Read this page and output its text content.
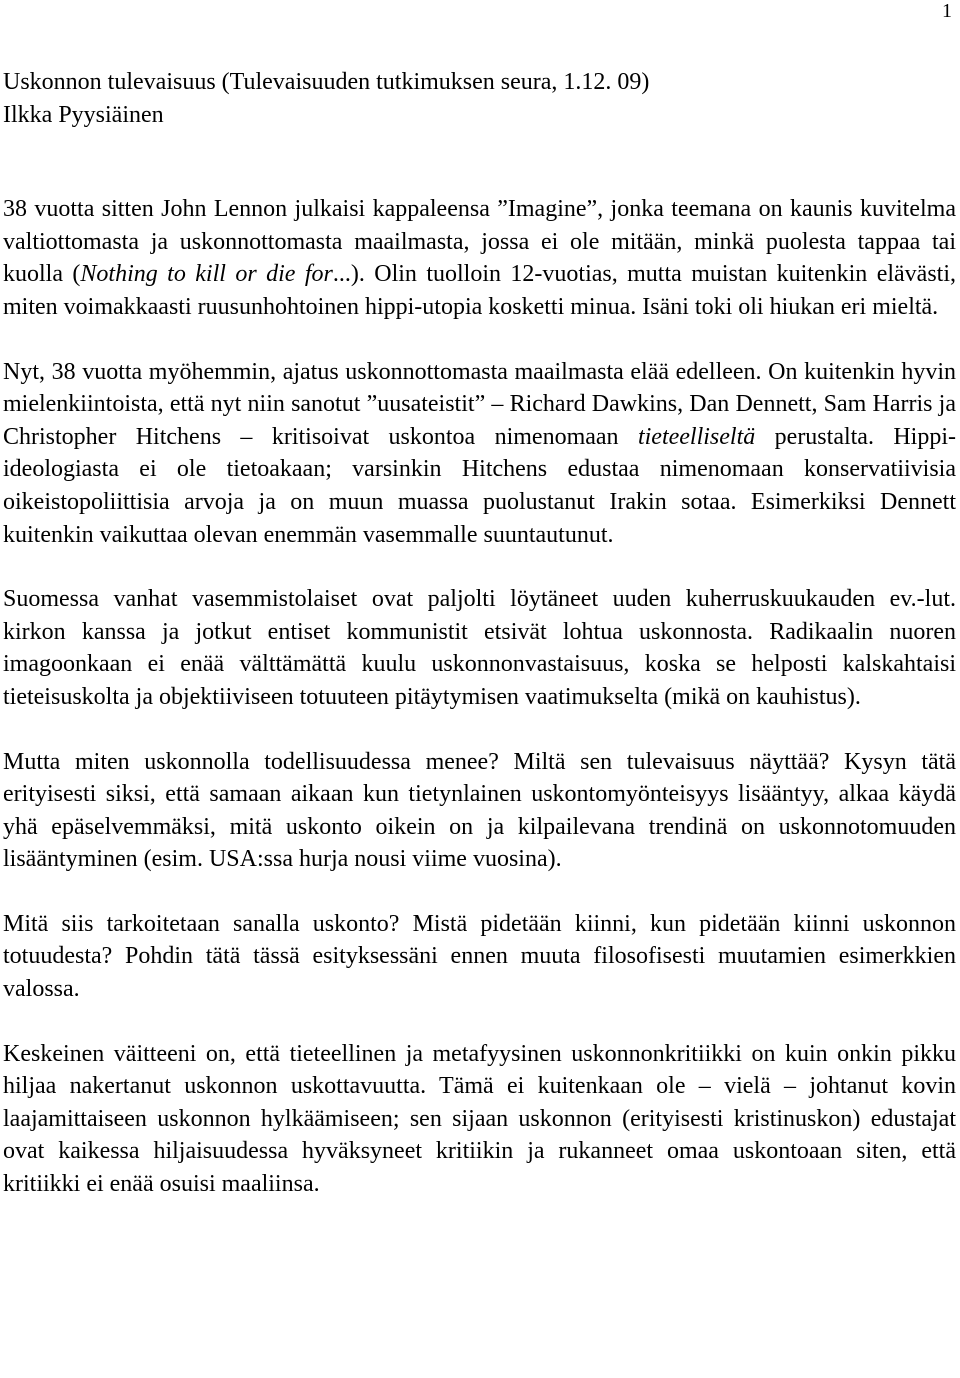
1

Uskonnon tulevaisuus (Tulevaisuuden tutkimuksen seura, 1.12. 09)

Ilkka Pyysiäinen

38 vuotta sitten John Lennon julkaisi kappaleensa ”Imagine”, jonka teemana on kaunis kuvitelma valtiottomasta ja uskonnottomasta maailmasta, jossa ei ole mitään, minkä puolesta tappaa tai kuolla (Nothing to kill or die for...). Olin tuolloin 12-vuotias, mutta muistan kuitenkin elävästi, miten voimakkaasti ruusunhohtoinen hippi-utopia kosketti minua. Isäni toki oli hiukan eri mieltä.

Nyt, 38 vuotta myöhemmin, ajatus uskonnottomasta maailmasta elää edelleen. On kuitenkin hyvin mielenkiintoista, että nyt niin sanotut ”uusateistit” – Richard Dawkins, Dan Dennett, Sam Harris ja Christopher Hitchens – kritisoivat uskontoa nimenomaan tieteelliseltä perustalta. Hippi-ideologiasta ei ole tietoakaan; varsinkin Hitchens edustaa nimenomaan konservatiivisia oikeistopoliittisia arvoja ja on muun muassa puolustanut Irakin sotaa. Esimerkiksi Dennett kuitenkin vaikuttaa olevan enemmän vasemmalle suuntautunut.

Suomessa vanhat vasemmistolaiset ovat paljolti löytäneet uuden kuherruskuukauden ev.-lut. kirkon kanssa ja jotkut entiset kommunistit etsivät lohtua uskonnosta. Radikaalin nuoren imagoonkaan ei enää välttämättä kuulu uskonnonvastaisuus, koska se helposti kalskahtaisi tieteisuskolta ja objektiiviseen totuuteen pitäytymisen vaatimukselta (mikä on kauhistus).

Mutta miten uskonnolla todellisuudessa menee? Miltä sen tulevaisuus näyttää? Kysyn tätä erityisesti siksi, että samaan aikaan kun tietynlainen uskontomyönteisyys lisääntyy, alkaa käydä yhä epäselvemmäksi, mitä uskonto oikein on ja kilpailevana trendinä on uskonnotomuuden lisääntyminen (esim. USA:ssa hurja nousi viime vuosina).

Mitä siis tarkoitetaan sanalla uskonto? Mistä pidetään kiinni, kun pidetään kiinni uskonnon totuudesta? Pohdin tätä tässä esityksessäni ennen muuta filosofisesti muutamien esimerkkien valossa.

Keskeinen väitteeni on, että tieteellinen ja metafyysinen uskonnonkritiikki on kuin onkin pikku hiljaa nakertanut uskonnon uskottavuutta. Tämä ei kuitenkaan ole – vielä – johtanut kovin laajamittaiseen uskonnon hylkäämiseen; sen sijaan uskonnon (erityisesti kristinuskon) edustajat ovat kaikessa hiljaisuudessa hyväksyneet kritiikin ja rukanneet omaa uskontoaan siten, että kritiikki ei enää osuisi maaliinsa.
